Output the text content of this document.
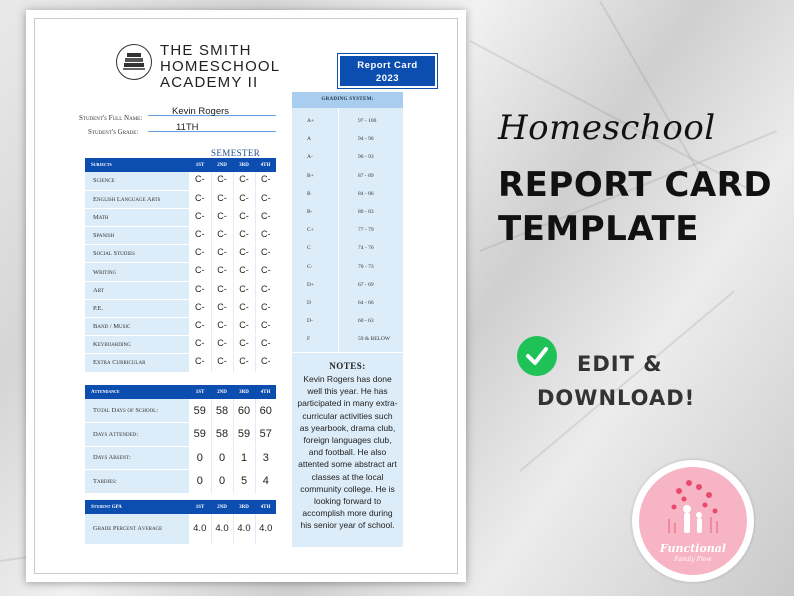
THE SMITH HOMESCHOOL ACADEMY II
Report Card
2023
Student's Full Name:
Kevin Rogers
Student's Grade:	11TH
SEMESTER
Subjects	1ST	2ND	3RD	4TH
Science	C-	C-	C-	C-
English Language Arts	C-	C-	C-	C-
Math	C-	C-	C-	C-
Spanish	C-	C-	C-	C-
Social Studies	C-	C-	C-	C-
Writing	C-	C-	C-	C-
Art	C-	C-	C-	C-
P.E.	C-	C-	C-	C-
Band / Music	C-	C-	C-	C-
Keyboarding	C-	C-	C-	C-
Extra Curricular	C-	C-	C-	C-
Attendance	1ST	2ND	3RD	4TH
Total Days of School:	59	58	60	60
Days Attended:	59	58	59	57
Days Absent:	0	0	1	3
Tardies:	0	0	5	4
Student GPA	1ST	2ND	3RD	4TH
Grade Percent Average	4.0	4.0	4.0	4.0
GRADING SYSTEM:
A+	97 - 100
A	94 - 96
A-	90 - 93
B+	87 - 89
B	84 - 86
B-	80 - 83
C+	77 - 79
C	74 - 76
C-	70 - 73
D+	67 - 69
D	64 - 66
D-	60 - 63
F	59 & BELOW
NOTES:
Kevin Rogers has done well this year. He has participated in many extra-curricular activities such as yearbook, drama club, foreign languages club, and football. He also attented some abstract art classes at the local community college. He is looking forward to accomplish more during his senior year of school.
Homeschool
REPORT CARD
TEMPLATE
EDIT &
DOWNLOAD!
Functional
Family Flow
